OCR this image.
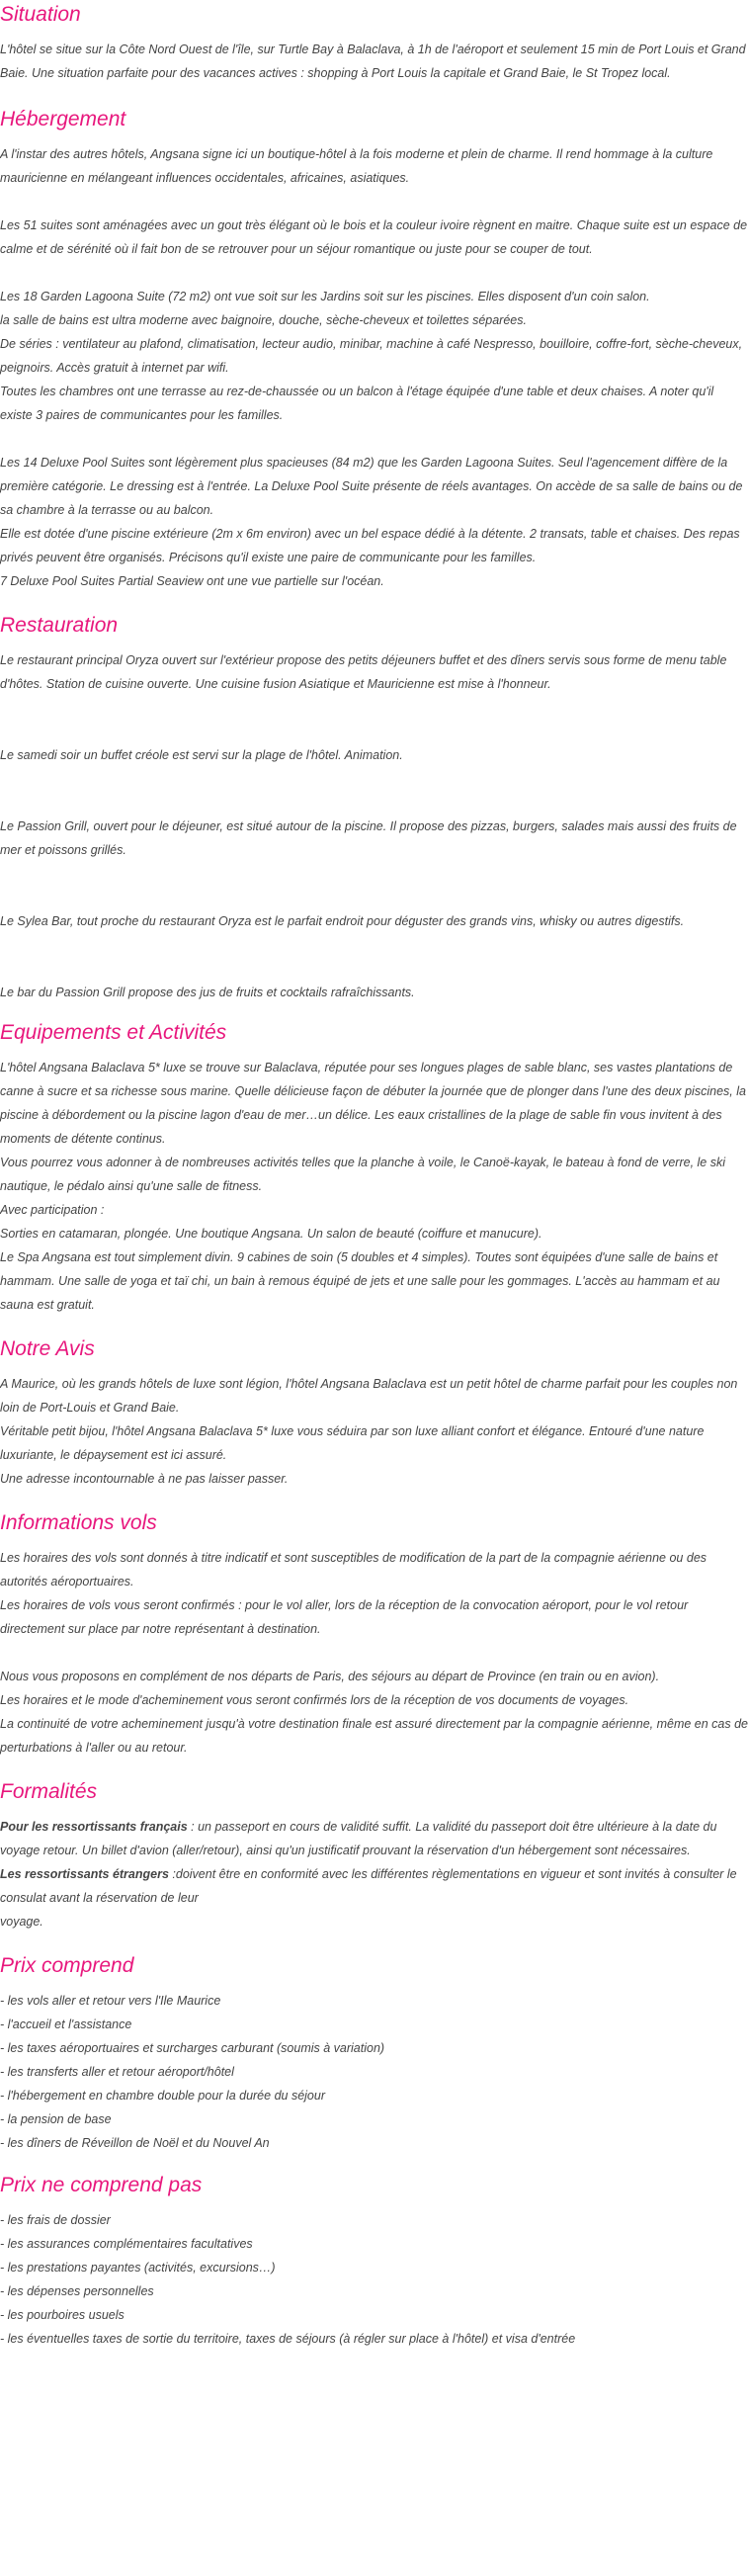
Situation

L'hôtel se situe sur la Côte Nord Ouest de l'île, sur Turtle Bay à Balaclava, à 1h de l'aéroport et seulement 15 min de Port Louis et Grand Baie. Une situation parfaite pour des vacances actives : shopping à Port Louis la capitale et Grand Baie, le St Tropez local.

Hébergement

A l'instar des autres hôtels, Angsana signe ici un boutique-hôtel à la fois moderne et plein de charme. Il rend hommage à la culture mauricienne en mélangeant influences occidentales, africaines, asiatiques.

Les 51 suites sont aménagées avec un gout très élégant où le bois et la couleur ivoire règnent en maitre. Chaque suite est un espace de calme et de sérénité où il fait bon de se retrouver pour un séjour romantique ou juste pour se couper de tout.

Les 18 Garden Lagoona Suite (72 m2) ont vue soit sur les Jardins soit sur les piscines. Elles disposent d'un coin salon.

la salle de bains est ultra moderne avec baignoire, douche, sèche-cheveux et toilettes séparées.

De séries : ventilateur au plafond, climatisation, lecteur audio, minibar, machine à café Nespresso, bouilloire, coffre-fort, sèche-cheveux, peignoirs. Accès gratuit à internet par wifi.

Toutes les chambres ont une terrasse au rez-de-chaussée ou un balcon à l'étage équipée d'une table et deux chaises. A noter qu'il existe 3 paires de communicantes pour les familles.

Les 14 Deluxe Pool Suites sont légèrement plus spacieuses (84 m2) que les Garden Lagoona Suites. Seul l'agencement diffère de la première catégorie. Le dressing est à l'entrée. La Deluxe Pool Suite présente de réels avantages. On accède de sa salle de bains ou de sa chambre à la terrasse ou au balcon.

Elle est dotée d'une piscine extérieure (2m x 6m environ) avec un bel espace dédié à la détente. 2 transats, table et chaises. Des repas privés peuvent être organisés. Précisons qu'il existe une paire de communicante pour les familles.

7 Deluxe Pool Suites Partial Seaview ont une vue partielle sur l'océan.

Restauration

Le restaurant principal Oryza ouvert sur l'extérieur propose des petits déjeuners buffet et des dîners servis sous forme de menu table d'hôtes. Station de cuisine ouverte. Une cuisine fusion Asiatique et Mauricienne est mise à l'honneur.

Le samedi soir un buffet créole est servi sur la plage de l'hôtel. Animation.

Le Passion Grill, ouvert pour le déjeuner, est situé autour de la piscine. Il propose des pizzas, burgers, salades mais aussi des fruits de mer et poissons grillés.

Le Sylea Bar, tout proche du restaurant Oryza est le parfait endroit pour déguster des grands vins, whisky ou autres digestifs.

Le bar du Passion Grill propose des jus de fruits et cocktails rafraîchissants.

Equipements et Activités

L'hôtel Angsana Balaclava 5* luxe se trouve sur Balaclava, réputée pour ses longues plages de sable blanc, ses vastes plantations de canne à sucre et sa richesse sous marine. Quelle délicieuse façon de débuter la journée que de plonger dans l'une des deux piscines, la piscine à débordement ou la piscine lagon d'eau de mer…un délice. Les eaux cristallines de la plage de sable fin vous invitent à des moments de détente continus.

Vous pourrez vous adonner à de nombreuses activités telles que la planche à voile, le Canoë-kayak, le bateau à fond de verre, le ski nautique, le pédalo ainsi qu'une salle de fitness.

Avec participation :

Sorties en catamaran, plongée. Une boutique Angsana. Un salon de beauté (coiffure et manucure).

Le Spa Angsana est tout simplement divin. 9 cabines de soin (5 doubles et 4 simples). Toutes sont équipées d'une salle de bains et hammam. Une salle de yoga et taï chi, un bain à remous équipé de jets et une salle pour les gommages. L'accès au hammam et au sauna est gratuit.

Notre Avis

A Maurice, où les grands hôtels de luxe sont légion, l'hôtel Angsana Balaclava est un petit hôtel de charme parfait pour les couples non loin de Port-Louis et Grand Baie.

Véritable petit bijou, l'hôtel Angsana Balaclava 5* luxe vous séduira par son luxe alliant confort et élégance. Entouré d'une nature luxuriante, le dépaysement est ici assuré.

Une adresse incontournable à ne pas laisser passer.

Informations vols

Les horaires des vols sont donnés à titre indicatif et sont susceptibles de modification de la part de la compagnie aérienne ou des autorités aéroportuaires.

Les horaires de vols vous seront confirmés : pour le vol aller, lors de la réception de la convocation aéroport, pour le vol retour directement sur place par notre représentant à destination.

Nous vous proposons en complément de nos départs de Paris, des séjours au départ de Province (en train ou en avion).

Les horaires et le mode d'acheminement vous seront confirmés lors de la réception de vos documents de voyages.

La continuité de votre acheminement jusqu'à votre destination finale est assuré directement par la compagnie aérienne, même en cas de perturbations à l'aller ou au retour.

Formalités

Pour les ressortissants français : un passeport en cours de validité suffit. La validité du passeport doit être ultérieure à la date du voyage retour. Un billet d'avion (aller/retour), ainsi qu'un justificatif prouvant la réservation d'un hébergement sont nécessaires.

Les ressortissants étrangers :doivent être en conformité avec les différentes règlementations en vigueur et sont invités à consulter le consulat avant la réservation de leur

voyage.

Prix comprend
- les vols aller et retour vers l'Ile Maurice
- l'accueil et l'assistance
- les taxes aéroportuaires et surcharges carburant (soumis à variation)
- les transferts aller et retour aéroport/hôtel
- l'hébergement en chambre double pour la durée du séjour
- la pension de base
- les dîners de Réveillon de Noël et du Nouvel An
Prix ne comprend pas
- les frais de dossier
- les assurances complémentaires facultatives
- les prestations payantes (activités, excursions…)
- les dépenses personnelles
- les pourboires usuels
- les éventuelles taxes de sortie du territoire, taxes de séjours (à régler sur place à l'hôtel) et visa d'entrée
